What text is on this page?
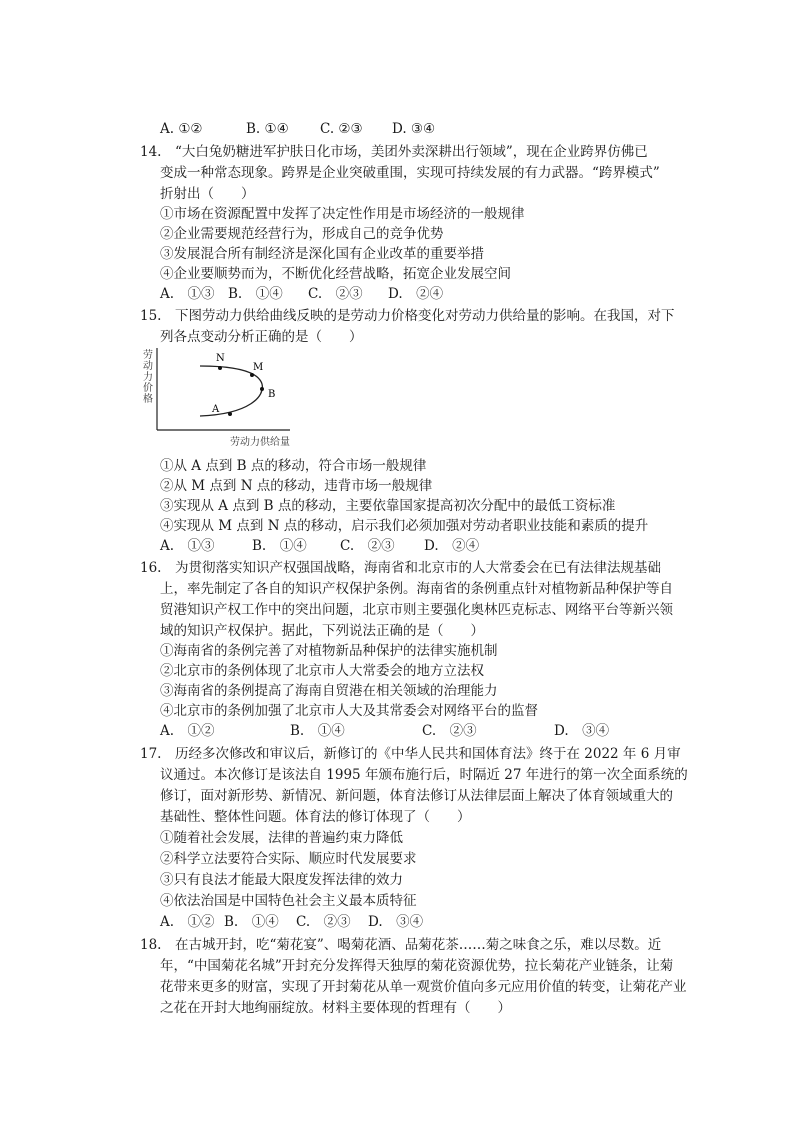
A. ①②	B. ①④ C. ②③ D. ③④
14.　“大白兔奶糖进军护肤日化市场，美团外卖深耕出行领域”，现在企业跨界仿佛已
变成一种常态现象。跨界是企业突破重围，实现可持续发展的有力武器。“跨界模式”
折射出（　　）
①市场在资源配置中发挥了决定性作用是市场经济的一般规律
②企业需要规范经营行为，形成自己的竞争优势
③发展混合所有制经济是深化国有企业改革的重要举措
④企业要顺势而为，不断优化经营战略，拓宽企业发展空间
A.　①③ B.　①④ C.　②③ D.　②④
15.　下图劳动力供给曲线反映的是劳动力价格变化对劳动力供给量的影响。在我国，对下
列各点变动分析正确的是（　　）
劳 动 力 价 格
N
M
B
A
劳动力供给量
①从 A 点到 B 点的移动，符合市场一般规律
②从 M 点到 N 点的移动，违背市场一般规律
③实现从 A 点到 B 点的移动，主要依靠国家提高初次分配中的最低工资标准
④实现从 M 点到 N 点的移动，启示我们必须加强对劳动者职业技能和素质的提升
A.　①③	B.　①④ C.　②③ D.　②④
16.　为贯彻落实知识产权强国战略，海南省和北京市的人大常委会在已有法律法规基础
上，率先制定了各自的知识产权保护条例。海南省的条例重点针对植物新品种保护等自
贸港知识产权工作中的突出问题，北京市则主要强化奥林匹克标志、网络平台等新兴领
域的知识产权保护。据此，下列说法正确的是（　　）
①海南省的条例完善了对植物新品种保护的法律实施机制
②北京市的条例体现了北京市人大常委会的地方立法权
③海南省的条例提高了海南自贸港在相关领域的治理能力
④北京市的条例加强了北京市人大及其常委会对网络平台的监督
A.　①②	B.　①④	C.　②③	D.　③④
17.　历经多次修改和审议后，新修订的《中华人民共和国体育法》终于在 2022 年 6 月审
议通过。本次修订是该法自 1995 年颁布施行后，时隔近 27 年进行的第一次全面系统的
修订，面对新形势、新情况、新问题，体育法修订从法律层面上解决了体育领域重大的
基础性、整体性问题。体育法的修订体现了（　　）
①随着社会发展，法律的普遍约束力降低
②科学立法要符合实际、顺应时代发展要求
③只有良法才能最大限度发挥法律的效力
④依法治国是中国特色社会主义最本质特征
A.　①② B.　①④ C.　②③ D.　③④
18.　在古城开封，吃“菊花宴”、喝菊花酒、品菊花茶……菊之味食之乐，难以尽数。近
年，“中国菊花名城”开封充分发挥得天独厚的菊花资源优势，拉长菊花产业链条，让菊
花带来更多的财富，实现了开封菊花从单一观赏价值向多元应用价值的转变，让菊花产业
之花在开封大地绚丽绽放。材料主要体现的哲理有（　　）
